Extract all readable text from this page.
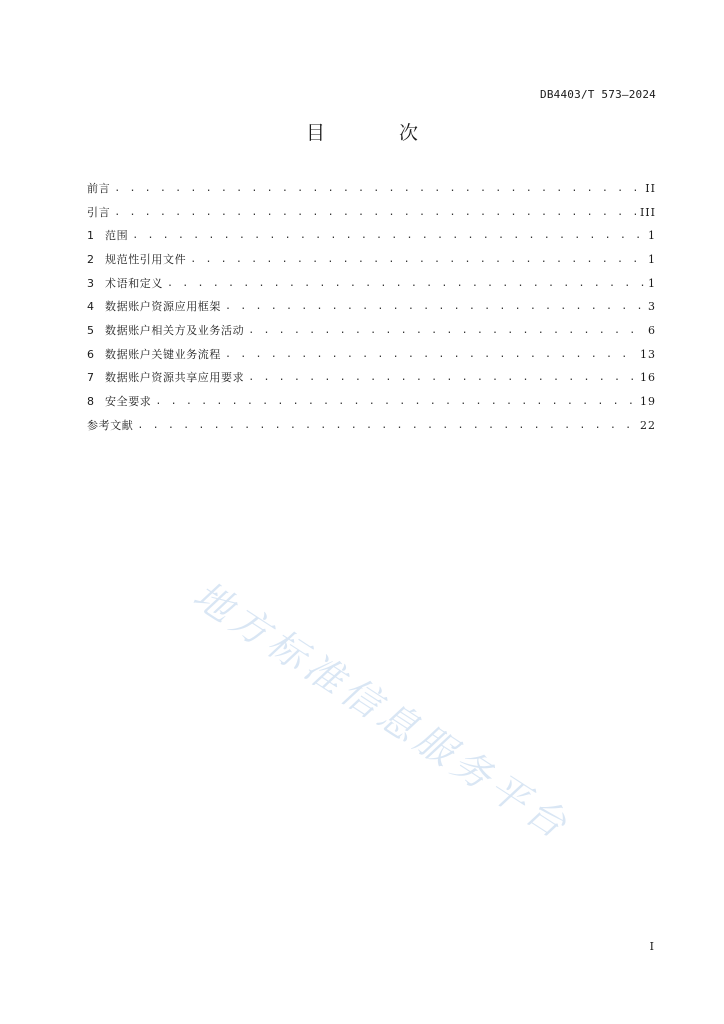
DB4403/T 573—2024
目 次
前言 . . .	II
引言 . . .	III
1	范围 . . .	1
2	规范性引用文件 . . .	1
3	术语和定义 . . .	1
4	数据账户资源应用框架 . . .	3
5	数据账户相关方及业务活动 . . .	6
6	数据账户关键业务流程 . . .	13
7	数据账户资源共享应用要求 . . .	16
8	安全要求 . . .	19
参考文献 . . .	22
地方标准信息服务平台
I
